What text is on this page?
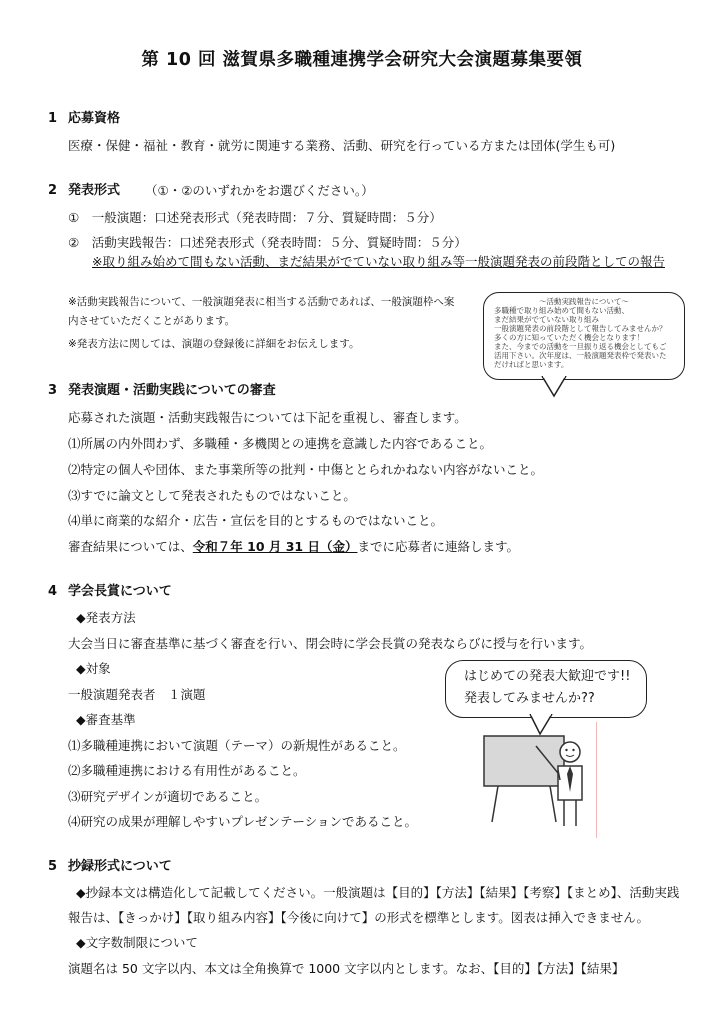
第 10 回 滋賀県多職種連携学会研究大会演題募集要領
1 応募資格
医療・保健・福祉・教育・就労に関連する業務、活動、研究を行っている方または団体(学生も可)
2 発表形式 （①・②のいずれかをお選びください。）
①　一般演題：口述発表形式（発表時間：７分、質疑時間：５分）
②　活動実践報告：口述発表形式（発表時間：５分、質疑時間：５分）
※取り組み始めて間もない活動、まだ結果がでていない取り組み等一般演題発表の前段階としての報告
※活動実践報告について、一般演題発表に相当する活動であれば、一般演題枠へ案
内させていただくことがあります。
※発表方法に関しては、演題の登録後に詳細をお伝えします。
～活動実践報告について～
多職種で取り組み始めて間もない活動、
まだ結果がでていない取り組み
一般演題発表の前段階として報告してみませんか？
多くの方に知っていただく機会となります！
また、今までの活動を一旦振り返る機会としてもご
活用下さい。次年度は、一般演題発表枠で発表いた
だければと思います。
3 発表演題・活動実践についての審査
応募された演題・活動実践報告については下記を重視し、審査します。
⑴所属の内外問わず、多職種・多機関との連携を意識した内容であること。
⑵特定の個人や団体、また事業所等の批判・中傷ととられかねない内容がないこと。
⑶すでに論文として発表されたものではないこと。
⑷単に商業的な紹介・広告・宣伝を目的とするものではないこと。
審査結果については、令和７年 10 月 31 日（金）までに応募者に連絡します。
4 学会長賞について
◆発表方法
大会当日に審査基準に基づく審査を行い、閉会時に学会長賞の発表ならびに授与を行います。
◆対象
一般演題発表者　１演題
◆審査基準
⑴多職種連携において演題（テーマ）の新規性があること。
⑵多職種連携における有用性があること。
⑶研究デザインが適切であること。
⑷研究の成果が理解しやすいプレゼンテーションであること。
はじめての発表大歓迎です!!
発表してみませんか??
5 抄録形式について
◆抄録本文は構造化して記載してください。一般演題は【目的】【方法】【結果】【考察】【まとめ】、活動実践
報告は、【きっかけ】【取り組み内容】【今後に向けて】の形式を標準とします。図表は挿入できません。
◆文字数制限について
演題名は 50 文字以内、本文は全角換算で 1000 文字以内とします。なお、【目的】【方法】【結果】
